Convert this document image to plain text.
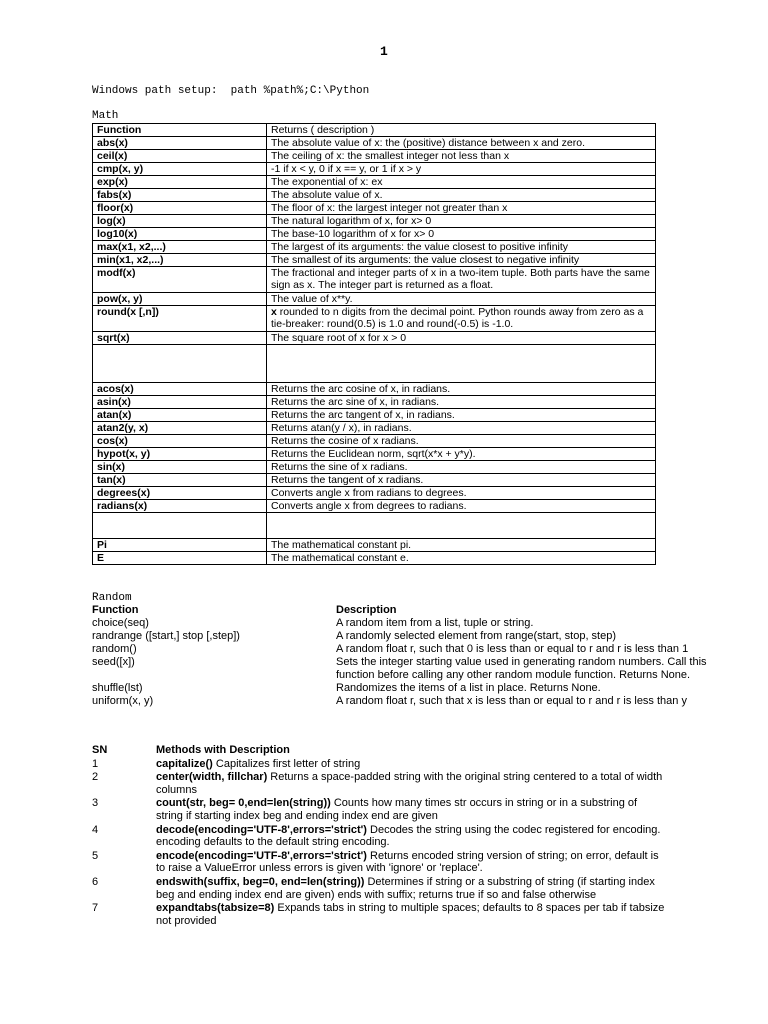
1
Windows path setup:  path %path%;C:\Python
Math
Function	Returns ( description )
abs(x)	The absolute value of x: the (positive) distance between x and zero.
ceil(x)	The ceiling of x: the smallest integer not less than x
cmp(x, y)	-1 if x < y, 0 if x == y, or 1 if x > y
exp(x)	The exponential of x: ex
fabs(x)	The absolute value of x.
floor(x)	The floor of x: the largest integer not greater than x
log(x)	The natural logarithm of x, for x> 0
log10(x)	The base-10 logarithm of x for x> 0
max(x1, x2,...)	The largest of its arguments: the value closest to positive infinity
min(x1, x2,...)	The smallest of its arguments: the value closest to negative infinity
modf(x)	The fractional and integer parts of x in a two-item tuple. Both parts have the same sign as x. The integer part is returned as a float.
pow(x, y)	The value of x**y.
round(x [,n])	x rounded to n digits from the decimal point. Python rounds away from zero as a tie-breaker: round(0.5) is 1.0 and round(-0.5) is -1.0.
sqrt(x)	The square root of x for x > 0

acos(x)	Returns the arc cosine of x, in radians.
asin(x)	Returns the arc sine of x, in radians.
atan(x)	Returns the arc tangent of x, in radians.
atan2(y, x)	Returns atan(y / x), in radians.
cos(x)	Returns the cosine of x radians.
hypot(x, y)	Returns the Euclidean norm, sqrt(x*x + y*y).
sin(x)	Returns the sine of x radians.
tan(x)	Returns the tangent of x radians.
degrees(x)	Converts angle x from radians to degrees.
radians(x)	Converts angle x from degrees to radians.

Pi	The mathematical constant pi.
E	The mathematical constant e.
Random
Function	Description
choice(seq)	A random item from a list, tuple or string.
randrange ([start,] stop [,step])	A randomly selected element from range(start, stop, step)
random()	A random float r, such that 0 is less than or equal to r and r is less than 1
seed([x])	Sets the integer starting value used in generating random numbers. Call this function before calling any other random module function. Returns None.
shuffle(lst)	Randomizes the items of a list in place. Returns None.
uniform(x, y)	A random float r, such that x is less than or equal to r and r is less than y
SN	Methods with Description
1	capitalize() Capitalizes first letter of string
2	center(width, fillchar) Returns a space-padded string with the original string centered to a total of width columns
3	count(str, beg= 0,end=len(string)) Counts how many times str occurs in string or in a substring of string if starting index beg and ending index end are given
4	decode(encoding='UTF-8',errors='strict') Decodes the string using the codec registered for encoding. encoding defaults to the default string encoding.
5	encode(encoding='UTF-8',errors='strict') Returns encoded string version of string; on error, default is to raise a ValueError unless errors is given with 'ignore' or 'replace'.
6	endswith(suffix, beg=0, end=len(string)) Determines if string or a substring of string (if starting index beg and ending index end are given) ends with suffix; returns true if so and false otherwise
7	expandtabs(tabsize=8) Expands tabs in string to multiple spaces; defaults to 8 spaces per tab if tabsize not provided
